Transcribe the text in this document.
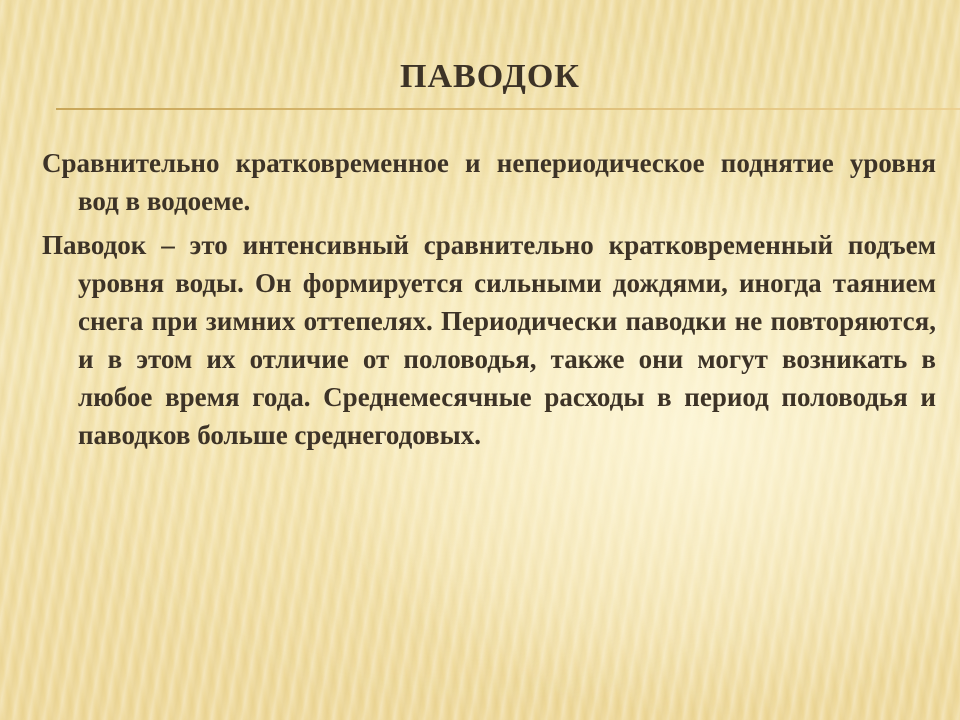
ПАВОДОК

Сравнительно кратковременное и непериодическое поднятие уровня вод в водоеме.

Паводок – это интенсивный сравнительно кратковременный подъем уровня воды. Он формируется сильными дождями, иногда таянием снега при зимних оттепелях. Периодически паводки не повторяются, и в этом их отличие от половодья, также они могут возникать в любое время года. Среднемесячные расходы в период половодья и паводков больше среднегодовых.
